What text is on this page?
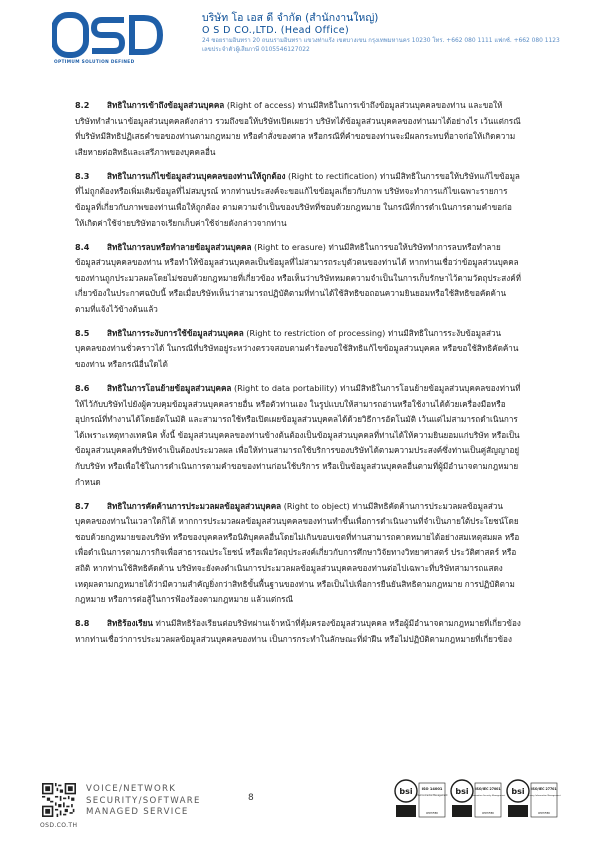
OPTIMUM SOLUTION DEFINED
บริษัท โอ เอส ดี จำกัด (สำนักงานใหญ่)
O S D CO.,LTD. (Head Office)
24 ซอยรามอินทรา 20 ถนนรามอินทรา แขวงท่าแร้ง เขตบางเขน กรุงเทพมหานคร 10230 โทร. +662 080 1111 แฟกซ์. +662 080 1123
เลขประจำตัวผู้เสียภาษี 0105546127022

8.2 สิทธิในการเข้าถึงข้อมูลส่วนบุคคล (Right of access) ท่านมีสิทธิในการเข้าถึงข้อมูลส่วนบุคคลของท่าน และขอให้บริษัททำสำเนาข้อมูลส่วนบุคคลดังกล่าว รวมถึงขอให้บริษัทเปิดเผยว่า บริษัทได้ข้อมูลส่วนบุคคลของท่านมาได้อย่างไร เว้นแต่กรณีที่บริษัทมีสิทธิปฏิเสธคำขอของท่านตามกฎหมาย หรือคำสั่งของศาล หรือกรณีที่คำขอของท่านจะมีผลกระทบที่อาจก่อให้เกิดความเสียหายต่อสิทธิและเสรีภาพของบุคคลอื่น

8.3 สิทธิในการแก้ไขข้อมูลส่วนบุคคลของท่านให้ถูกต้อง (Right to rectification) ท่านมีสิทธิในการขอให้บริษัทแก้ไขข้อมูลที่ไม่ถูกต้องหรือเพิ่มเติมข้อมูลที่ไม่สมบูรณ์ หากท่านประสงค์จะขอแก้ไขข้อมูลเกี่ยวกับภาพ บริษัทจะทำการแก้ไขเฉพาะรายการข้อมูลที่เกี่ยวกับภาพของท่านเพื่อให้ถูกต้อง ตามความจำเป็นของบริษัทที่ชอบด้วยกฎหมาย ในกรณีที่การดำเนินการตามคำขอก่อให้เกิดค่าใช้จ่ายบริษัทอาจเรียกเก็บค่าใช้จ่ายดังกล่าวจากท่าน

8.4 สิทธิในการลบหรือทำลายข้อมูลส่วนบุคคล (Right to erasure) ท่านมีสิทธิในการขอให้บริษัททำการลบหรือทำลายข้อมูลส่วนบุคคลของท่าน หรือทำให้ข้อมูลส่วนบุคคลเป็นข้อมูลที่ไม่สามารถระบุตัวตนของท่านได้ หากท่านเชื่อว่าข้อมูลส่วนบุคคลของท่านถูกประมวลผลโดยไม่ชอบด้วยกฎหมายที่เกี่ยวข้อง หรือเห็นว่าบริษัทหมดความจำเป็นในการเก็บรักษาไว้ตามวัตถุประสงค์ที่เกี่ยวข้องในประกาศฉบับนี้ หรือเมื่อบริษัทเห็นว่าสามารถปฏิบัติตามที่ท่านได้ใช้สิทธิขอถอนความยินยอมหรือใช้สิทธิขอคัดค้านตามที่แจ้งไว้ข้างต้นแล้ว

8.5 สิทธิในการระงับการใช้ข้อมูลส่วนบุคคล (Right to restriction of processing) ท่านมีสิทธิในการระงับข้อมูลส่วนบุคคลของท่านชั่วคราวได้ ในกรณีที่บริษัทอยู่ระหว่างตรวจสอบตามคำร้องขอใช้สิทธิแก้ไขข้อมูลส่วนบุคคล หรือขอใช้สิทธิคัดค้านของท่าน หรือกรณีอื่นใดได้

8.6 สิทธิในการโอนย้ายข้อมูลส่วนบุคคล (Right to data portability) ท่านมีสิทธิในการโอนย้ายข้อมูลส่วนบุคคลของท่านที่ให้ไว้กับบริษัทไปยังผู้ควบคุมข้อมูลส่วนบุคคลรายอื่น หรือตัวท่านเอง ในรูปแบบให้สามารถอ่านหรือใช้งานได้ด้วยเครื่องมือหรืออุปกรณ์ที่ทำงานได้โดยอัตโนมัติ และสามารถใช้หรือเปิดเผยข้อมูลส่วนบุคคลได้ด้วยวิธีการอัตโนมัติ เว้นแต่ไม่สามารถดำเนินการได้เพราะเหตุทางเทคนิค ทั้งนี้ ข้อมูลส่วนบุคคลของท่านข้างต้นต้องเป็นข้อมูลส่วนบุคคลที่ท่านได้ให้ความยินยอมแก่บริษัท หรือเป็นข้อมูลส่วนบุคคลที่บริษัทจำเป็นต้องประมวลผล เพื่อให้ท่านสามารถใช้บริการของบริษัทได้ตามความประสงค์ซึ่งท่านเป็นคู่สัญญาอยู่กับบริษัท หรือเพื่อใช้ในการดำเนินการตามคำขอของท่านก่อนใช้บริการ หรือเป็นข้อมูลส่วนบุคคลอื่นตามที่ผู้มีอำนาจตามกฎหมายกำหนด

8.7 สิทธิในการคัดค้านการประมวลผลข้อมูลส่วนบุคคล (Right to object) ท่านมีสิทธิคัดค้านการประมวลผลข้อมูลส่วนบุคคลของท่านในเวลาใดก็ได้ หากการประมวลผลข้อมูลส่วนบุคคลของท่านทำขึ้นเพื่อการดำเนินงานที่จำเป็นภายใต้ประโยชน์โดยชอบด้วยกฎหมายของบริษัท หรือของบุคคลหรือนิติบุคคลอื่นโดยไม่เกินขอบเขตที่ท่านสามารถคาดหมายได้อย่างสมเหตุสมผล หรือเพื่อดำเนินการตามภารกิจเพื่อสาธารณประโยชน์ หรือเพื่อวัตถุประสงค์เกี่ยวกับการศึกษาวิจัยทางวิทยาศาสตร์ ประวัติศาสตร์ หรือสถิติ หากท่านใช้สิทธิคัดค้าน บริษัทจะยังคงดำเนินการประมวลผลข้อมูลส่วนบุคคลของท่านต่อไปเฉพาะที่บริษัทสามารถแสดงเหตุผลตามกฎหมายได้ว่ามีความสำคัญยิ่งกว่าสิทธิขั้นพื้นฐานของท่าน หรือเป็นไปเพื่อการยืนยันสิทธิตามกฎหมาย การปฏิบัติตามกฎหมาย หรือการต่อสู้ในการฟ้องร้องตามกฎหมาย แล้วแต่กรณี

8.8 สิทธิร้องเรียน ท่านมีสิทธิร้องเรียนต่อบริษัทผ่านเจ้าหน้าที่คุ้มครองข้อมูลส่วนบุคคล หรือผู้มีอำนาจตามกฎหมายที่เกี่ยวข้อง หากท่านเชื่อว่าการประมวลผลข้อมูลส่วนบุคคลของท่าน เป็นการกระทำในลักษณะที่ฝ่าฝืน หรือไม่ปฏิบัติตามกฎหมายที่เกี่ยวข้อง

OSD.CO.TH
VOICE/NETWORK
SECURITY/SOFTWARE
MANAGED SERVICE
8
bsi	ISO 14001
Environmental Management
CERTIFIED
bsi ISO/IEC 27001
Information Security Management
CERTIFIED
bsi ISO/IEC 27701
Privacy Information Management
CERTIFIED
